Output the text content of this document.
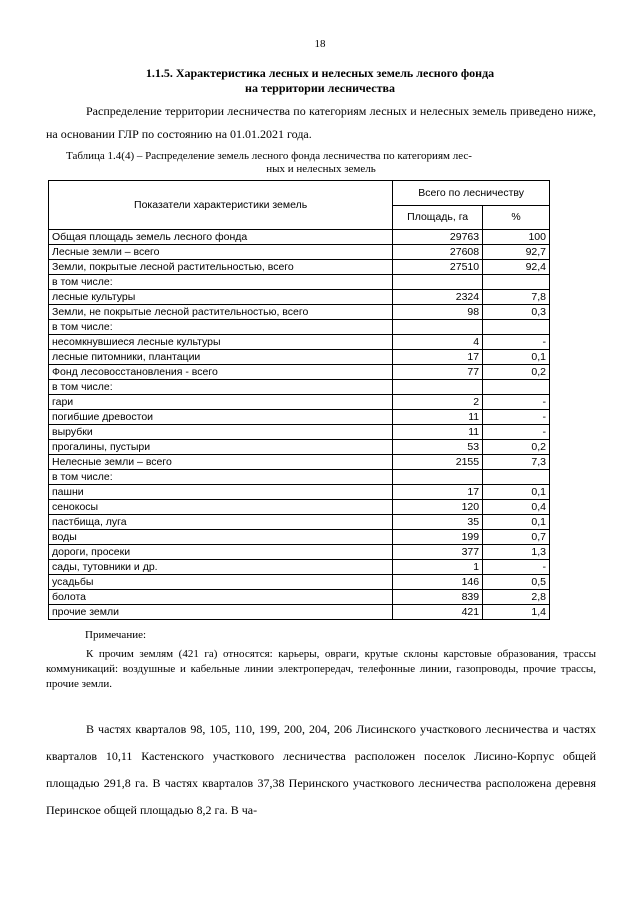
18
1.1.5. Характеристика лесных и нелесных земель лесного фонда
на территории лесничества

Распределение территории лесничества по категориям лесных и нелесных земель приведено ниже, на основании ГЛР по состоянию на 01.01.2021 года.

Таблица 1.4(4) – Распределение земель лесного фонда лесничества по категориям лес-
ных и нелесных земель
Показатели характеристики земель	Всего по лесничеству	
	Площадь, га	%
Общая площадь земель лесного фонда	29763	100
Лесные земли – всего	27608	92,7
Земли, покрытые лесной растительностью, всего	27510	92,4
в том числе:		
лесные культуры	2324	7,8
Земли, не покрытые лесной растительностью, всего	98	0,3
в том числе:		
несомкнувшиеся лесные культуры	4	-
лесные питомники, плантации	17	0,1
Фонд лесовосстановления - всего	77	0,2
в том числе:		
гари	2	-
погибшие древостои	11	-
вырубки	11	-
прогалины, пустыри	53	0,2
Нелесные земли – всего	2155	7,3
в том числе:		
пашни	17	0,1
сенокосы	120	0,4
пастбища, луга	35	0,1
воды	199	0,7
дороги, просеки	377	1,3
сады, тутовники и др.	1	-
усадьбы	146	0,5
болота	839	2,8
прочие земли	421	1,4
Примечание:

К прочим землям (421 га) относятся: карьеры, овраги, крутые склоны карстовые образования, трассы коммуникаций: воздушные и кабельные линии электропередач, телефонные линии, газопроводы, прочие трассы, прочие земли.

В частях кварталов 98, 105, 110, 199, 200, 204, 206 Лисинского участкового лесничества и частях кварталов 10,11 Кастенского участкового лесничества расположен поселок Лисино-Корпус общей площадью 291,8 га. В частях кварталов 37,38 Перинского участкового лесничества расположена деревня Перинское общей площадью 8,2 га. В ча-
